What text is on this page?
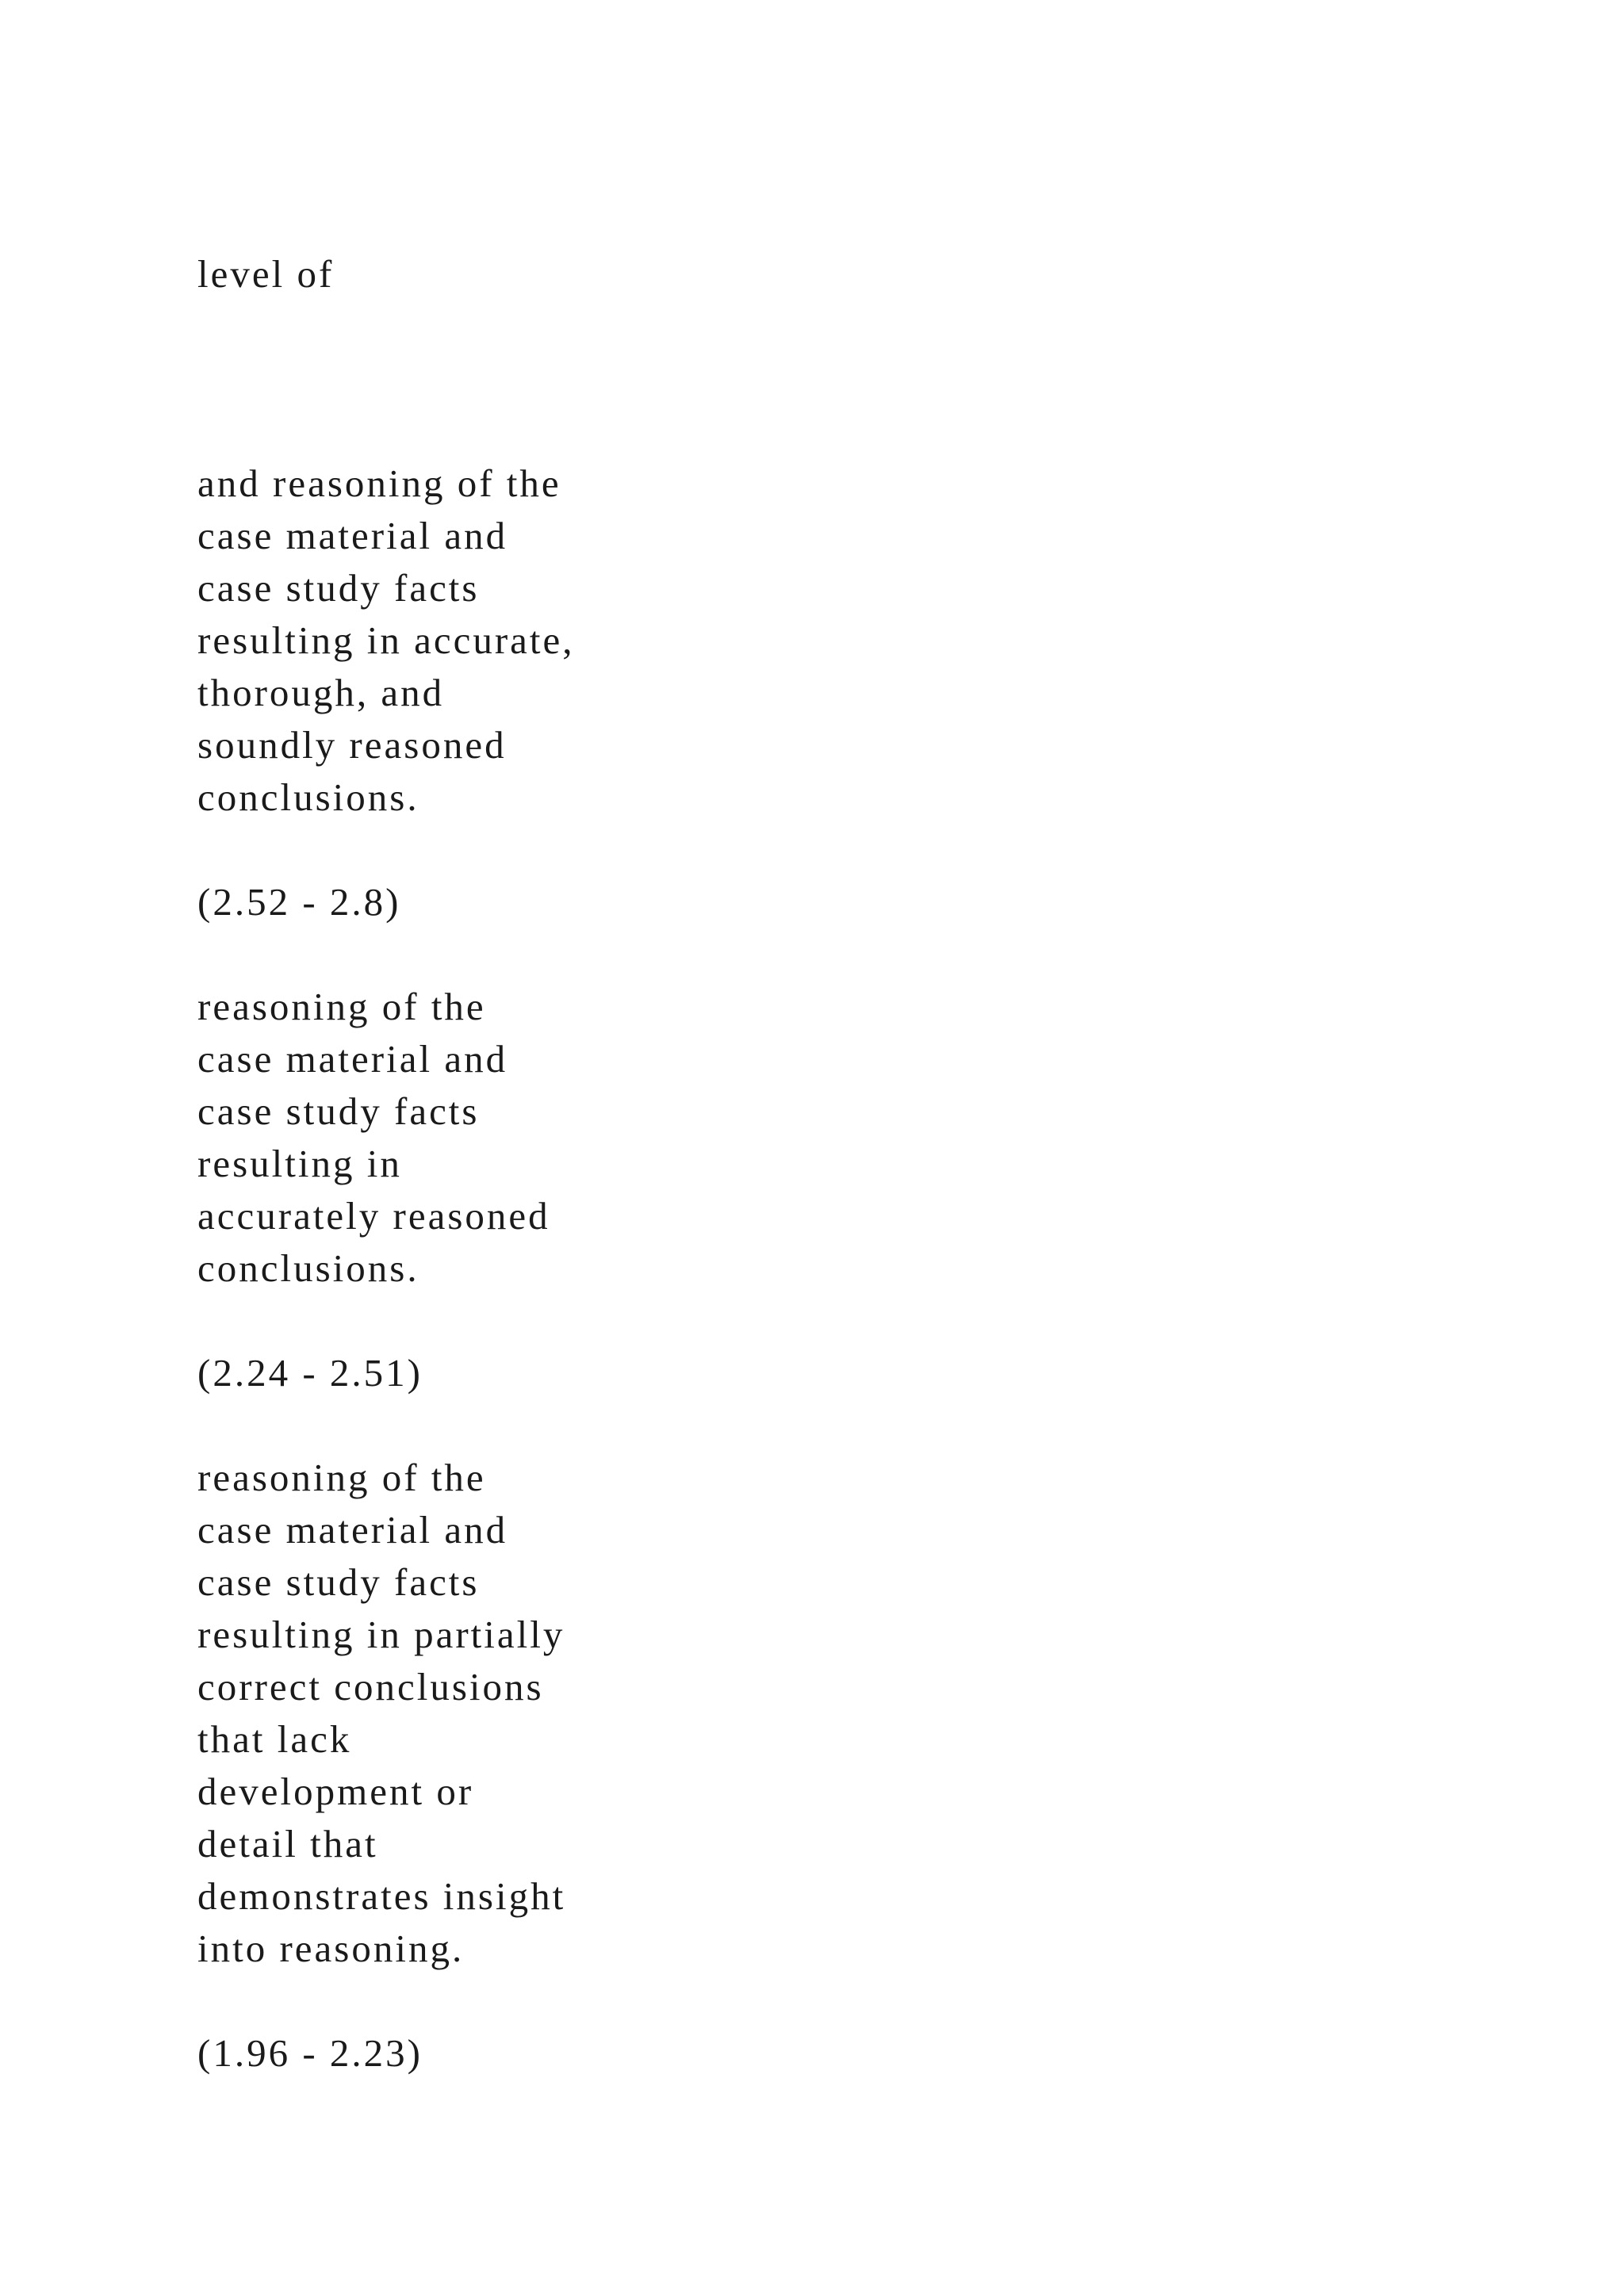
level of
and reasoning of the
case material and
case study facts
resulting in accurate,
thorough, and
soundly reasoned
conclusions.
(2.52 - 2.8)
reasoning of the
case material and
case study facts
resulting in
accurately reasoned
conclusions.
(2.24 - 2.51)
reasoning of the
case material and
case study facts
resulting in partially
correct conclusions
that lack
development or
detail that
demonstrates insight
into reasoning.
(1.96 - 2.23)
